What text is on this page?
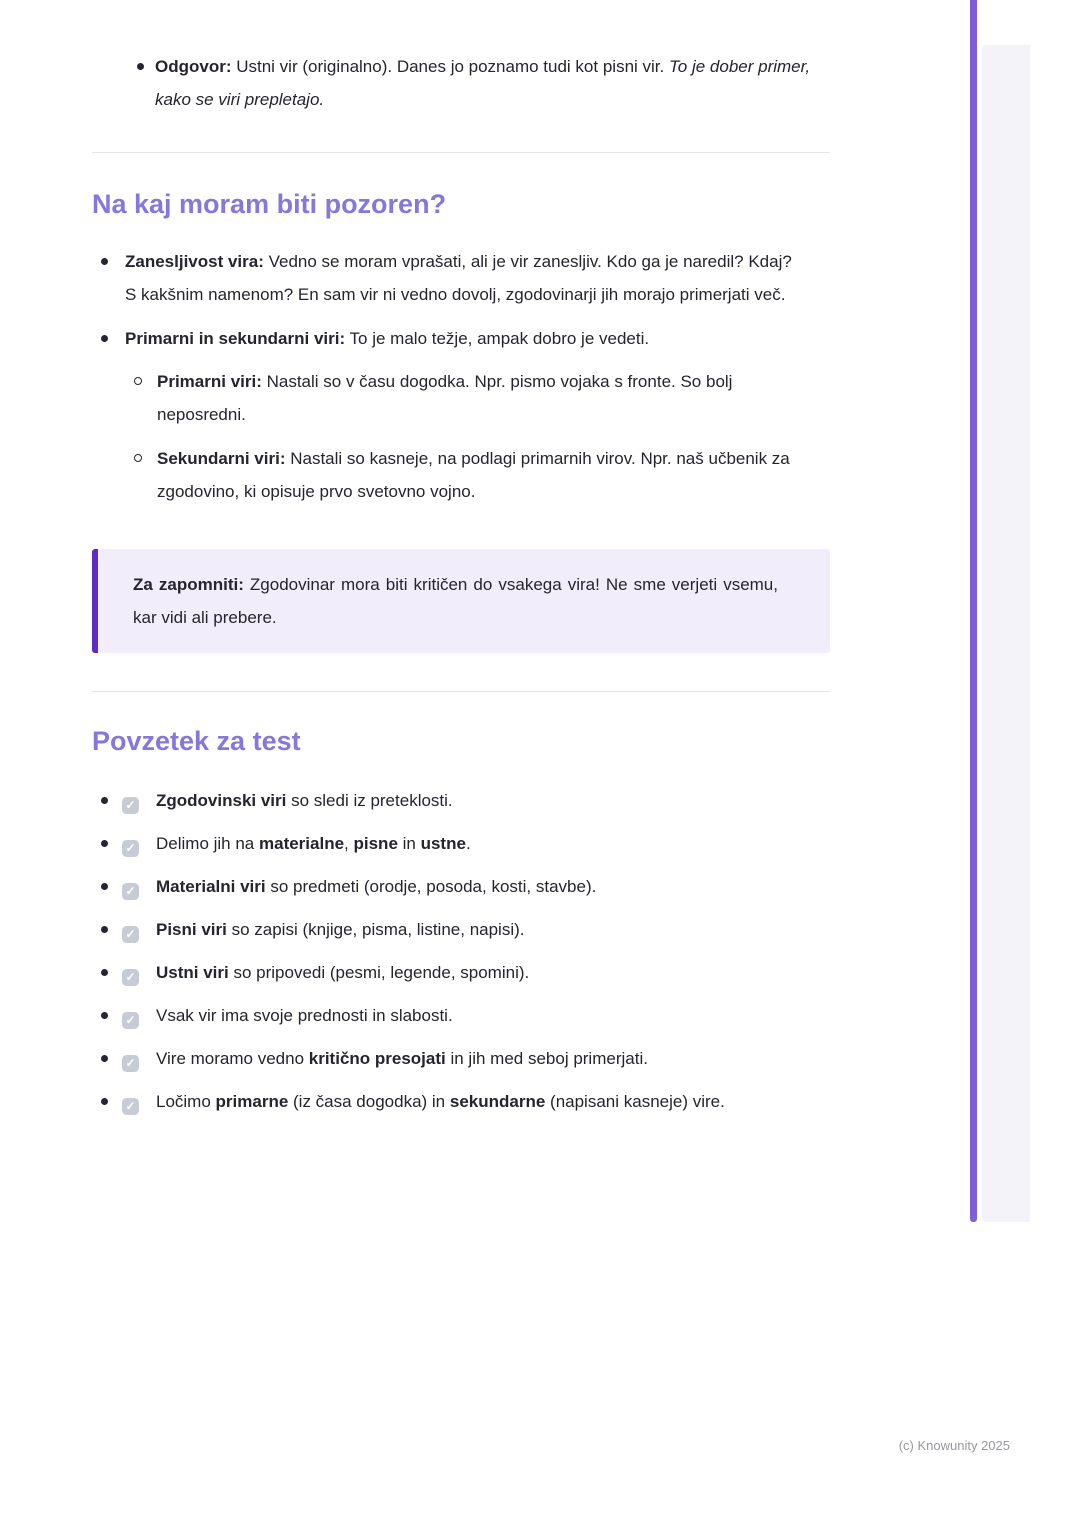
Odgovor: Ustni vir (originalno). Danes jo poznamo tudi kot pisni vir. To je dober primer, kako se viri prepletajo.
Na kaj moram biti pozoren?
Zanesljivost vira: Vedno se moram vprašati, ali je vir zanesljiv. Kdo ga je naredil? Kdaj? S kakšnim namenom? En sam vir ni vedno dovolj, zgodovinarji jih morajo primerjati več.
Primarni in sekundarni viri: To je malo težje, ampak dobro je vedeti.
Primarni viri: Nastali so v času dogodka. Npr. pismo vojaka s fronte. So bolj neposredni.
Sekundarni viri: Nastali so kasneje, na podlagi primarnih virov. Npr. naš učbenik za zgodovino, ki opisuje prvo svetovno vojno.
Za zapomniti: Zgodovinar mora biti kritičen do vsakega vira! Ne sme verjeti vsemu, kar vidi ali prebere.
Povzetek za test
✓ Zgodovinski viri so sledi iz preteklosti.
✓ Delimo jih na materialne, pisne in ustne.
✓ Materialni viri so predmeti (orodje, posoda, kosti, stavbe).
✓ Pisni viri so zapisi (knjige, pisma, listine, napisi).
✓ Ustni viri so pripovedi (pesmi, legende, spomini).
✓ Vsak vir ima svoje prednosti in slabosti.
✓ Vire moramo vedno kritično presojati in jih med seboj primerjati.
✓ Ločimo primarne (iz časa dogodka) in sekundarne (napisani kasneje) vire.
(c) Knowunity 2025
